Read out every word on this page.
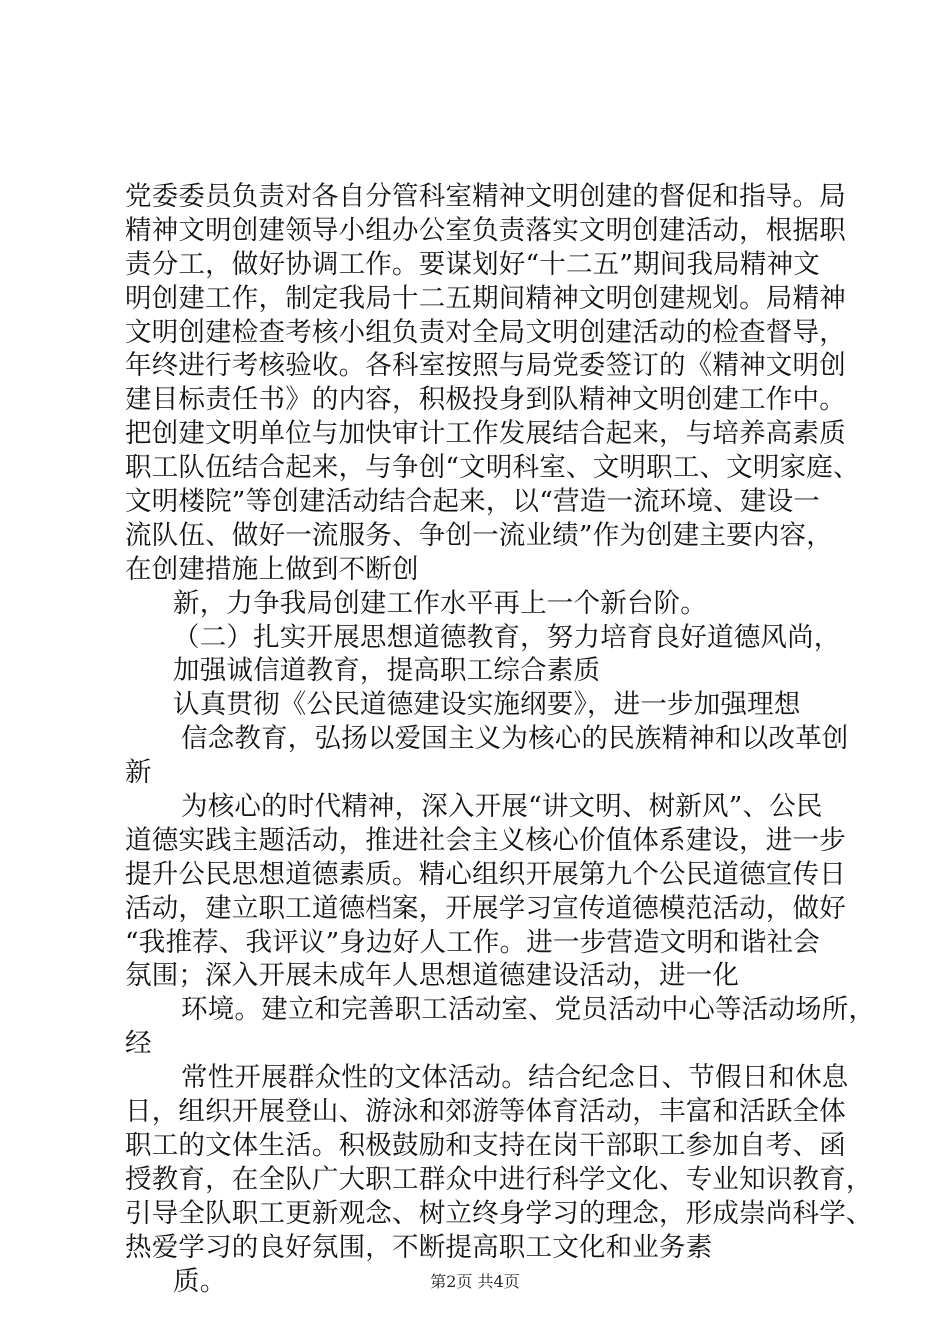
党委委员负责对各自分管科室精神文明创建的督促和指导。局
精神文明创建领导小组办公室负责落实文明创建活动，根据职
责分工，做好协调工作。要谋划好“十二五”期间我局精神文
明创建工作，制定我局十二五期间精神文明创建规划。局精神
文明创建检查考核小组负责对全局文明创建活动的检查督导，
年终进行考核验收。各科室按照与局党委签订的《精神文明创
建目标责任书》的内容，积极投身到队精神文明创建工作中。
把创建文明单位与加快审计工作发展结合起来，与培养高素质
职工队伍结合起来，与争创“文明科室、文明职工、文明家庭、
文明楼院”等创建活动结合起来，以“营造一流环境、建设一
流队伍、做好一流服务、争创一流业绩”作为创建主要内容，
在创建措施上做到不断创
新，力争我局创建工作水平再上一个新台阶。
（二）扎实开展思想道德教育，努力培育良好道德风尚，
加强诚信道教育，提高职工综合素质
认真贯彻《公民道德建设实施纲要》，进一步加强理想
信念教育，弘扬以爱国主义为核心的民族精神和以改革创
新
为核心的时代精神，深入开展“讲文明、树新风”、公民
道德实践主题活动，推进社会主义核心价值体系建设，进一步
提升公民思想道德素质。精心组织开展第九个公民道德宣传日
活动，建立职工道德档案，开展学习宣传道德模范活动，做好
“我推荐、我评议”身边好人工作。进一步营造文明和谐社会
氛围；深入开展未成年人思想道德建设活动，进一化
环境。建立和完善职工活动室、党员活动中心等活动场所，
经
常性开展群众性的文体活动。结合纪念日、节假日和休息
日，组织开展登山、游泳和郊游等体育活动，丰富和活跃全体
职工的文体生活。积极鼓励和支持在岗干部职工参加自考、函
授教育，在全队广大职工群众中进行科学文化、专业知识教育，
引导全队职工更新观念、树立终身学习的理念，形成崇尚科学、
热爱学习的良好氛围，不断提高职工文化和业务素
质。	第2页 共4页
